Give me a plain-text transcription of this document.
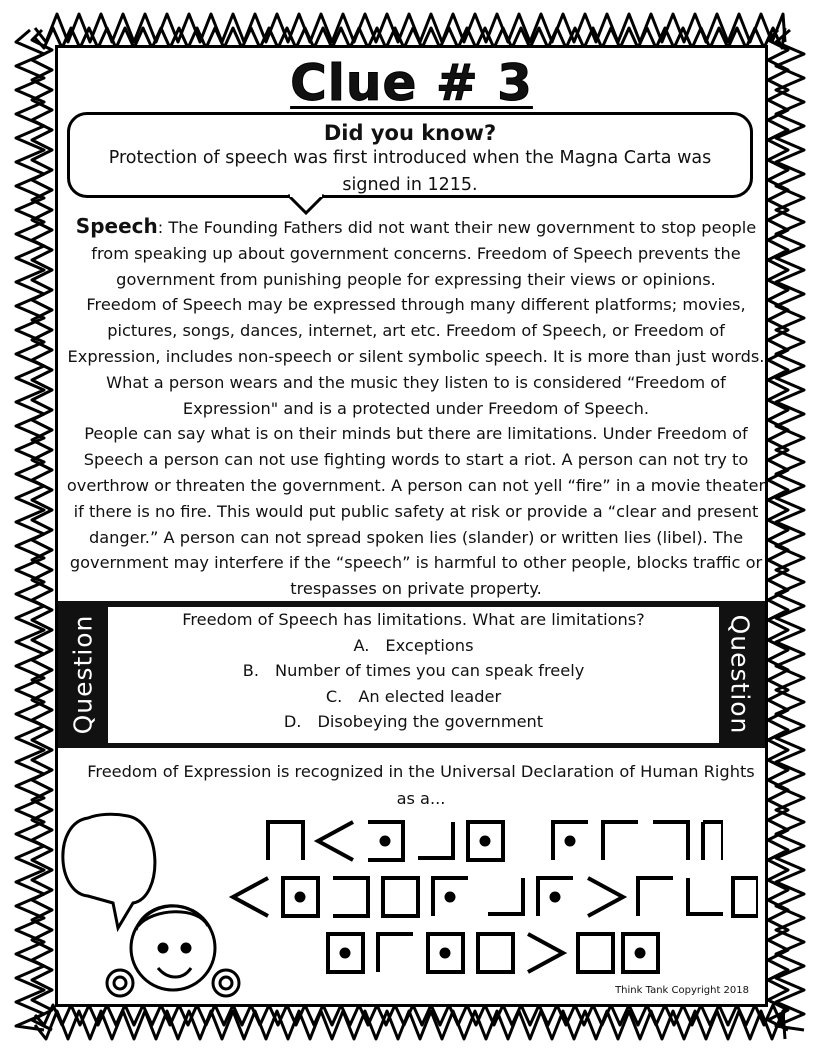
Clue # 3
Did you know?
Protection of speech was first introduced when the Magna Carta was signed in 1215.
Speech: The Founding Fathers did not want their new government to stop people from speaking up about government concerns. Freedom of Speech prevents the government from punishing people for expressing their views or opinions.
Freedom of Speech may be expressed through many different platforms; movies, pictures, songs, dances, internet, art etc. Freedom of Speech, or Freedom of Expression, includes non-speech or silent symbolic speech. It is more than just words. What a person wears and the music they listen to is considered “Freedom of Expression" and is a protected under Freedom of Speech.
People can say what is on their minds but there are limitations. Under Freedom of Speech a person can not use fighting words to start a riot. A person can not try to overthrow or threaten the government. A person can not yell “fire” in a movie theater if there is no fire. This would put public safety at risk or provide a “clear and present danger.” A person can not spread spoken lies (slander) or written lies (libel). The government may interfere if the “speech” is harmful to other people, blocks traffic or trespasses on private property.
Question	Freedom of Speech has limitations. What are limitations?
A. Exceptions
B. Number of times you can speak freely
C. An elected leader
D. Disobeying the government	Question
Freedom of Expression is recognized in the Universal Declaration of Human Rights as a...
Think Tank Copyright 2018
